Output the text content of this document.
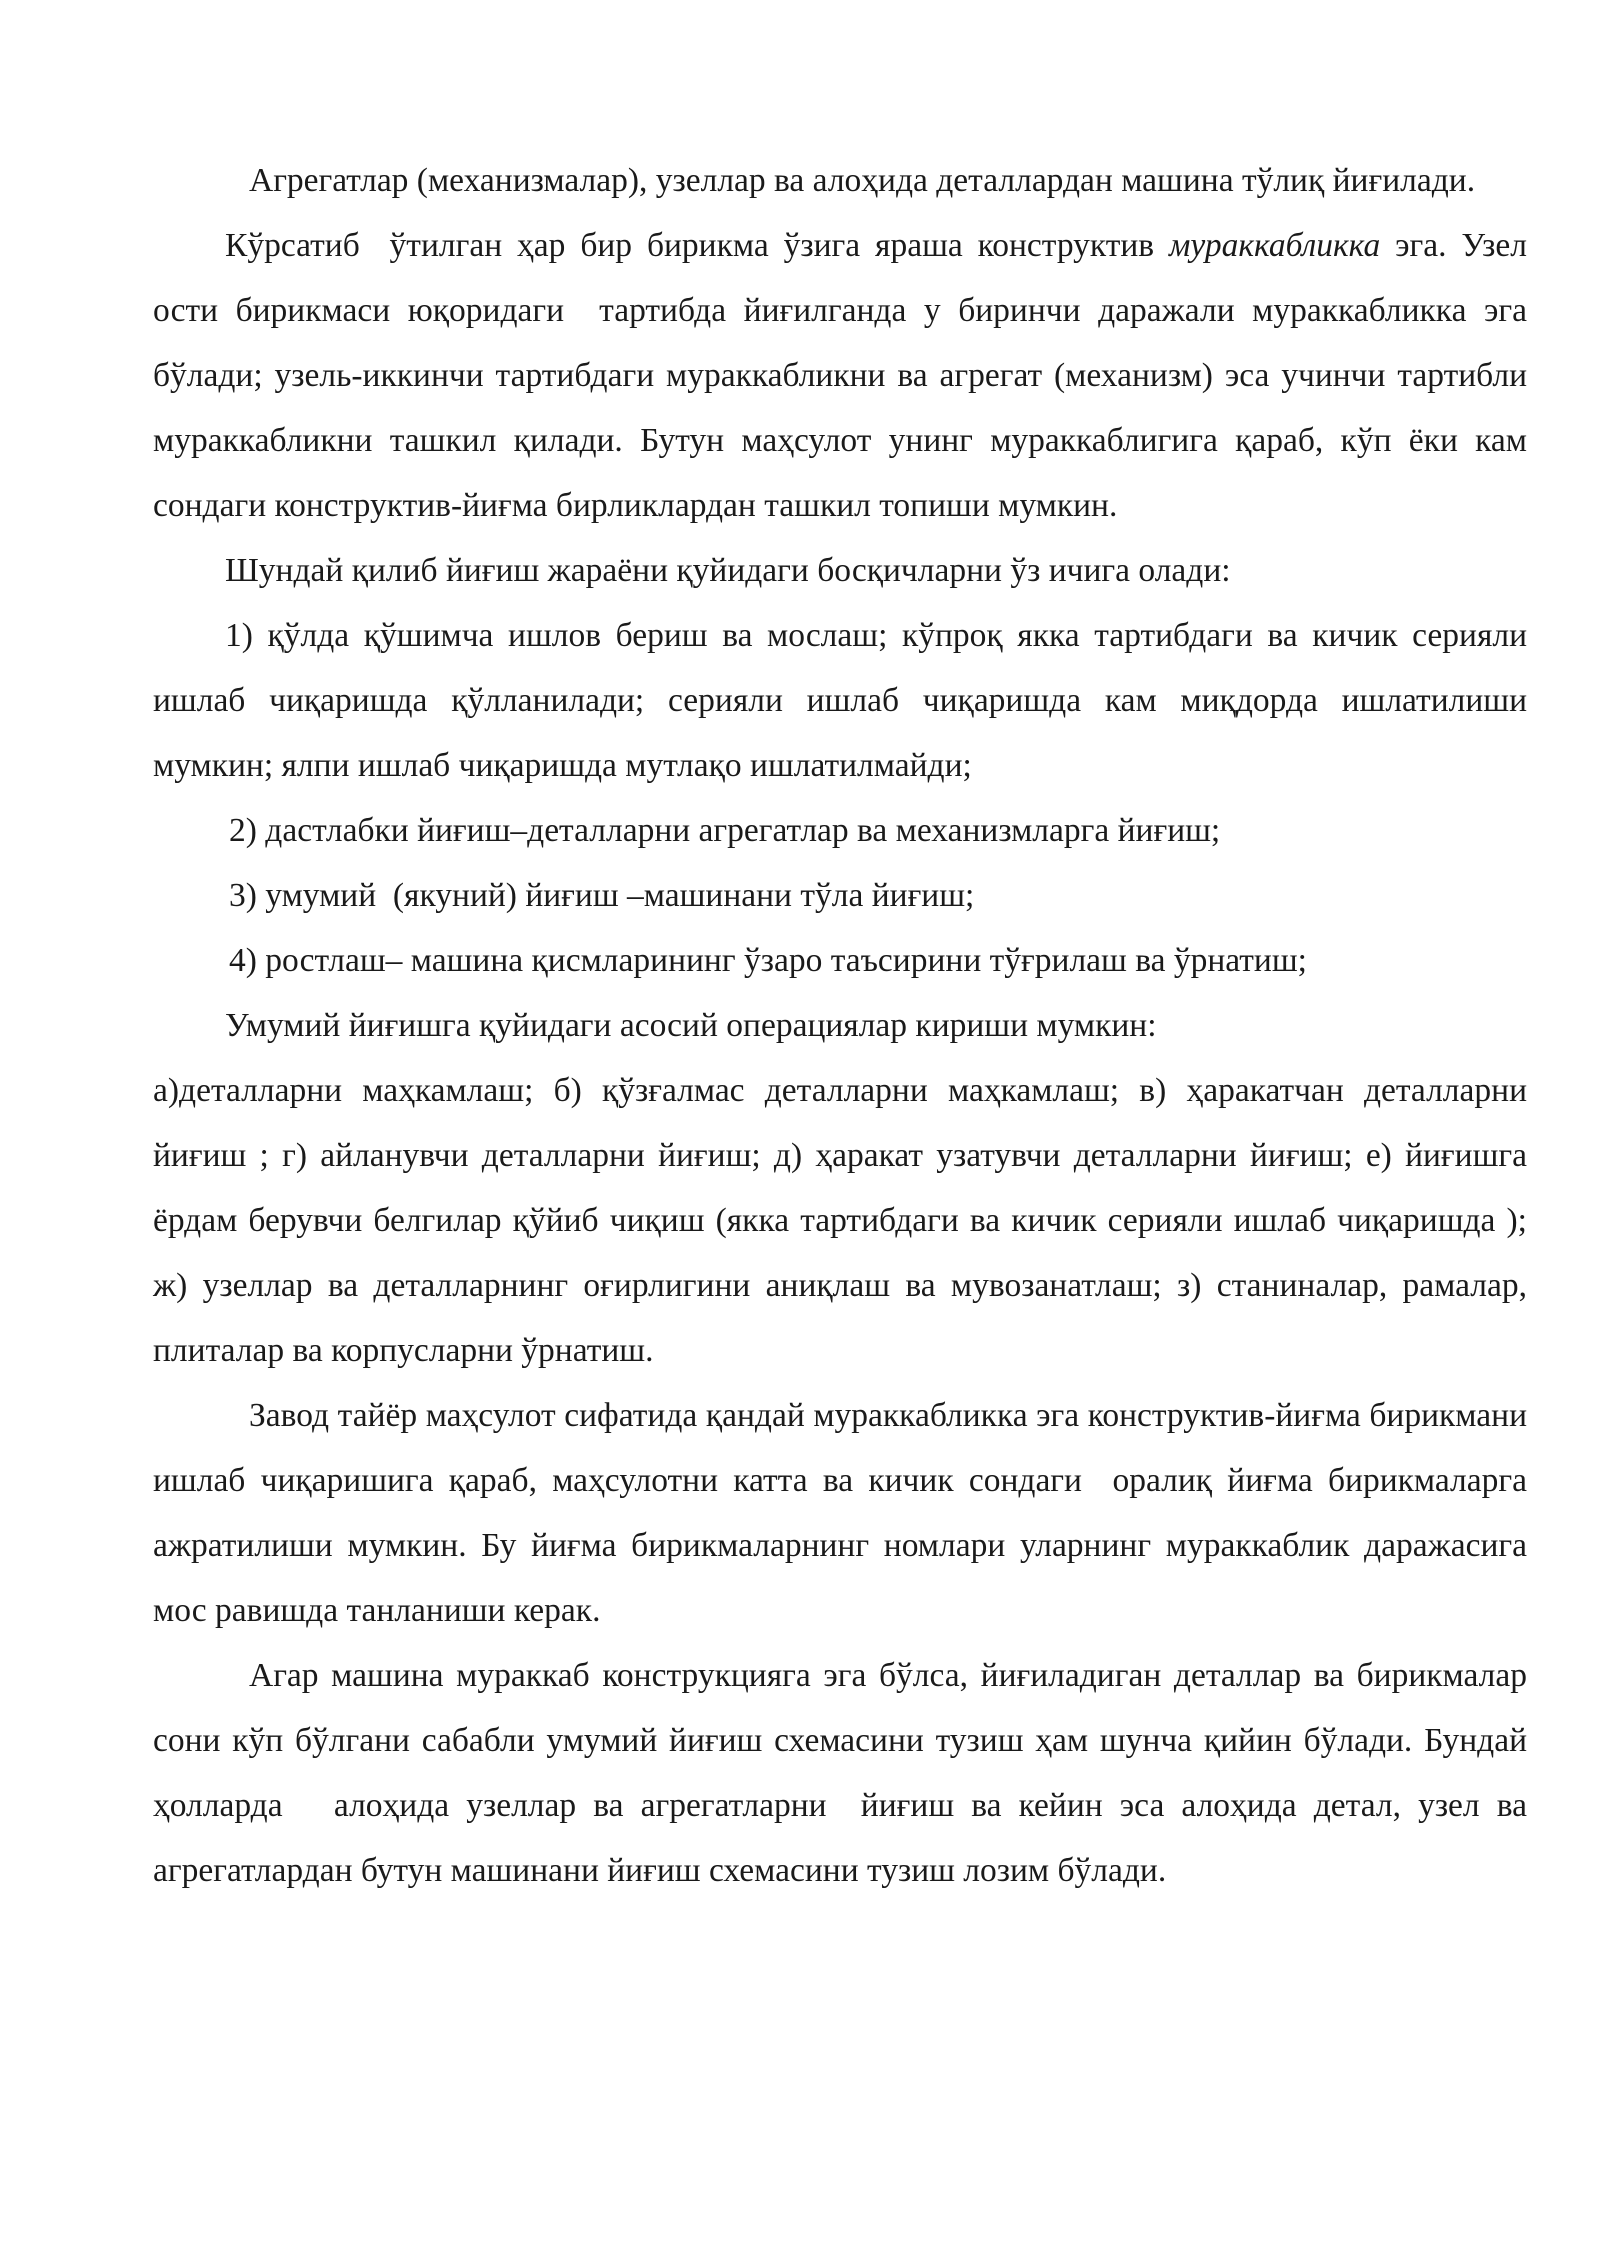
Агрегатлар (механизмалар), узеллар ва алоҳида деталлардан машина тўлиқ йиғилади.

Кўрсатиб  ўтилган ҳар бир бирикма ўзига яраша конструктив мураккабликка эга. Узел ости бирикмаси юқоридаги  тартибда йиғилганда у биринчи даражали мураккабликка эга бўлади; узель-иккинчи тартибдаги мураккабликни ва агрегат (механизм) эса учинчи тартибли мураккабликни ташкил қилади. Бутун маҳсулот унинг мураккаблигига қараб, кўп ёки кам сондаги конструктив-йиғма бирликлардан ташкил топиши мумкин.

Шундай қилиб йиғиш жараёни қуйидаги босқичларни ўз ичига олади:

1) қўлда қўшимча ишлов бериш ва мослаш; кўпроқ якка тартибдаги ва кичик серияли ишлаб чиқаришда қўлланилади; серияли ишлаб чиқаришда кам миқдорда ишлатилиши мумкин; ялпи ишлаб чиқаришда мутлақо ишлатилмайди;

2) дастлабки йиғиш–деталларни агрегатлар ва механизмларга йиғиш;

3) умумий  (якуний) йиғиш –машинани тўла йиғиш;

4) ростлаш– машина қисмларининг ўзаро таъсирини тўғрилаш ва ўрнатиш;

Умумий йиғишга қуйидаги асосий операциялар кириши мумкин:

а)деталларни маҳкамлаш; б) қўзғалмас деталларни маҳкамлаш; в) ҳаракатчан деталларни йиғиш ; г) айланувчи деталларни йиғиш; д) ҳаракат узатувчи деталларни йиғиш; е) йиғишга ёрдам берувчи белгилар қўйиб чиқиш (якка тартибдаги ва кичик серияли ишлаб чиқаришда ); ж) узеллар ва деталларнинг оғирлигини аниқлаш ва мувозанатлаш; з) станиналар, рамалар, плиталар ва корпусларни ўрнатиш.

Завод тайёр маҳсулот сифатида қандай мураккабликка эга конструктив-йиғма бирикмани ишлаб чиқаришига қараб, маҳсулотни катта ва кичик сондаги  оралиқ йиғма бирикмаларга ажратилиши мумкин. Бу йиғма бирикмаларнинг номлари уларнинг мураккаблик даражасига мос равишда танланиши керак.

Агар машина мураккаб конструкцияга эга бўлса, йиғиладиган деталлар ва бирикмалар сони кўп бўлгани сабабли умумий йиғиш схемасини тузиш ҳам шунча қийин бўлади. Бундай ҳолларда   алоҳида узеллар ва агрегатларни  йиғиш ва кейин эса алоҳида детал, узел ва агрегатлардан бутун машинани йиғиш схемасини тузиш лозим бўлади.
